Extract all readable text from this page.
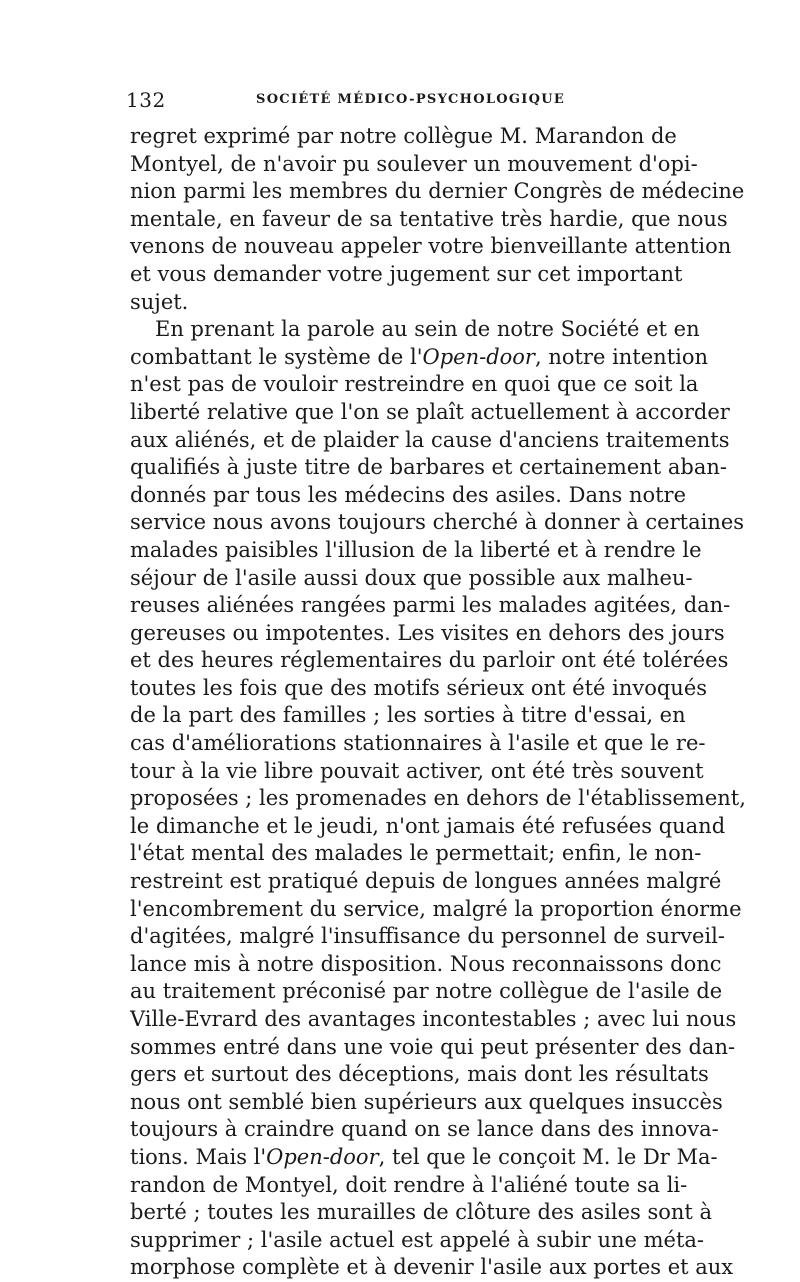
132	SOCIÉTÉ MÉDICO-PSYCHOLOGIQUE
regret exprimé par notre collègue M. Marandon de
Montyel, de n'avoir pu soulever un mouvement d'opi-
nion parmi les membres du dernier Congrès de médecine
mentale, en faveur de sa tentative très hardie, que nous
venons de nouveau appeler votre bienveillante attention
et vous demander votre jugement sur cet important
sujet.
En prenant la parole au sein de notre Société et en
combattant le système de l'Open-door, notre intention
n'est pas de vouloir restreindre en quoi que ce soit la
liberté relative que l'on se plaît actuellement à accorder
aux aliénés, et de plaider la cause d'anciens traitements
qualifiés à juste titre de barbares et certainement aban-
donnés par tous les médecins des asiles. Dans notre
service nous avons toujours cherché à donner à certaines
malades paisibles l'illusion de la liberté et à rendre le
séjour de l'asile aussi doux que possible aux malheu-
reuses aliénées rangées parmi les malades agitées, dan-
gereuses ou impotentes. Les visites en dehors des jours
et des heures réglementaires du parloir ont été tolérées
toutes les fois que des motifs sérieux ont été invoqués
de la part des familles ; les sorties à titre d'essai, en
cas d'améliorations stationnaires à l'asile et que le re-
tour à la vie libre pouvait activer, ont été très souvent
proposées ; les promenades en dehors de l'établissement,
le dimanche et le jeudi, n'ont jamais été refusées quand
l'état mental des malades le permettait; enfin, le non-
restreint est pratiqué depuis de longues années malgré
l'encombrement du service, malgré la proportion énorme
d'agitées, malgré l'insuffisance du personnel de surveil-
lance mis à notre disposition. Nous reconnaissons donc
au traitement préconisé par notre collègue de l'asile de
Ville-Evrard des avantages incontestables ; avec lui nous
sommes entré dans une voie qui peut présenter des dan-
gers et surtout des déceptions, mais dont les résultats
nous ont semblé bien supérieurs aux quelques insuccès
toujours à craindre quand on se lance dans des innova-
tions. Mais l'Open-door, tel que le conçoit M. le Dr Ma-
randon de Montyel, doit rendre à l'aliéné toute sa li-
berté ; toutes les murailles de clôture des asiles sont à
supprimer ; l'asile actuel est appelé à subir une méta-
morphose complète et à devenir l'asile aux portes et aux
